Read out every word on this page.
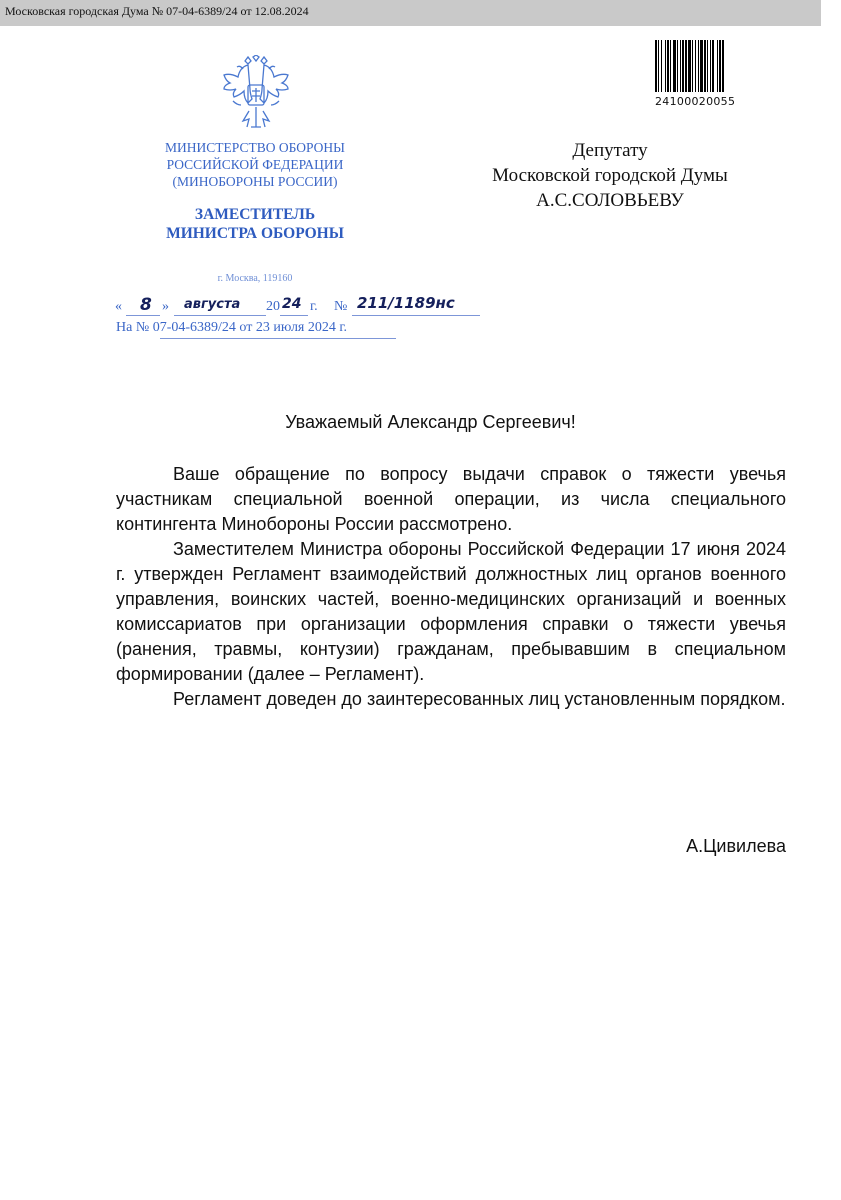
Московская городская Дума № 07-04-6389/24 от 12.08.2024
МИНИСТЕРСТВО ОБОРОНЫ
РОССИЙСКОЙ ФЕДЕРАЦИИ
(МИНОБОРОНЫ РОССИИ)
ЗАМЕСТИТЕЛЬ
МИНИСТРА ОБОРОНЫ
г. Москва, 119160
« 8 » августа 20 24 г. № 211/1189нс
На № 07-04-6389/24 от 23 июля 2024 г.
24100020055
Депутату
Московской городской Думы
А.С.СОЛОВЬЕВУ
Уважаемый Александр Сергеевич!

Ваше обращение по вопросу выдачи справок о тяжести увечья участникам специальной военной операции, из числа специального контингента Минобороны России рассмотрено.

Заместителем Министра обороны Российской Федерации 17 июня 2024 г. утвержден Регламент взаимодействий должностных лиц органов военного управления, воинских частей, военно-медицинских организаций и военных комиссариатов при организации оформления справки о тяжести увечья (ранения, травмы, контузии) гражданам, пребывавшим в специальном формировании (далее – Регламент).

Регламент доведен до заинтересованных лиц установленным порядком.

А.Цивилева
